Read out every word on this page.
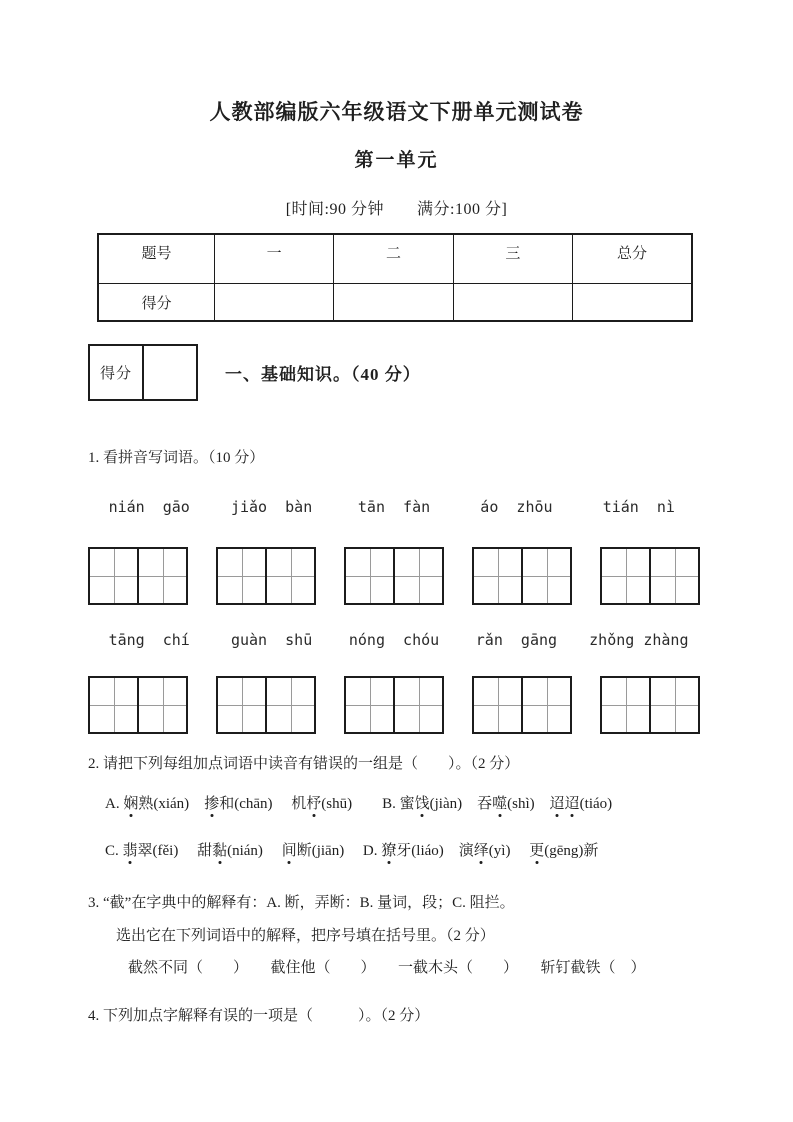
人教部编版六年级语文下册单元测试卷
第一单元
[时间:90 分钟　　满分:100 分]
题号	一	二	三	总分
得分				
得分	一、基础知识。（40 分）
1. 看拼音写词语。（10 分）
nián  gāo	jiǎo  bàn	tān  fàn	áo  zhōu	tián  nì
tāng  chí	guàn  shū	nóng  chóu	rǎn  gāng	zhǒng zhàng
2. 请把下列每组加点词语中读音有错误的一组是（　　）。（2 分）
A. 娴熟(xián)　掺和(chān)　 机杼(shū)　　B. 蜜饯(jiàn)　吞噬(shì)　迢迢(tiáo)
C. 翡翠(fěi)　 甜黏(nián)　 间断(jiān)　 D. 獠牙(liáo)　演绎(yì)　 更(gēng)新
3. “截”在字典中的解释有：A. 断，弄断：B. 量词，段；C. 阻拦。
选出它在下列词语中的解释，把序号填在括号里。（2 分）
截然不同（　　）　　截住他（　　）　　一截木头（　　）　　斩钉截铁（　）
4. 下列加点字解释有误的一项是（　　　）。（2 分）
